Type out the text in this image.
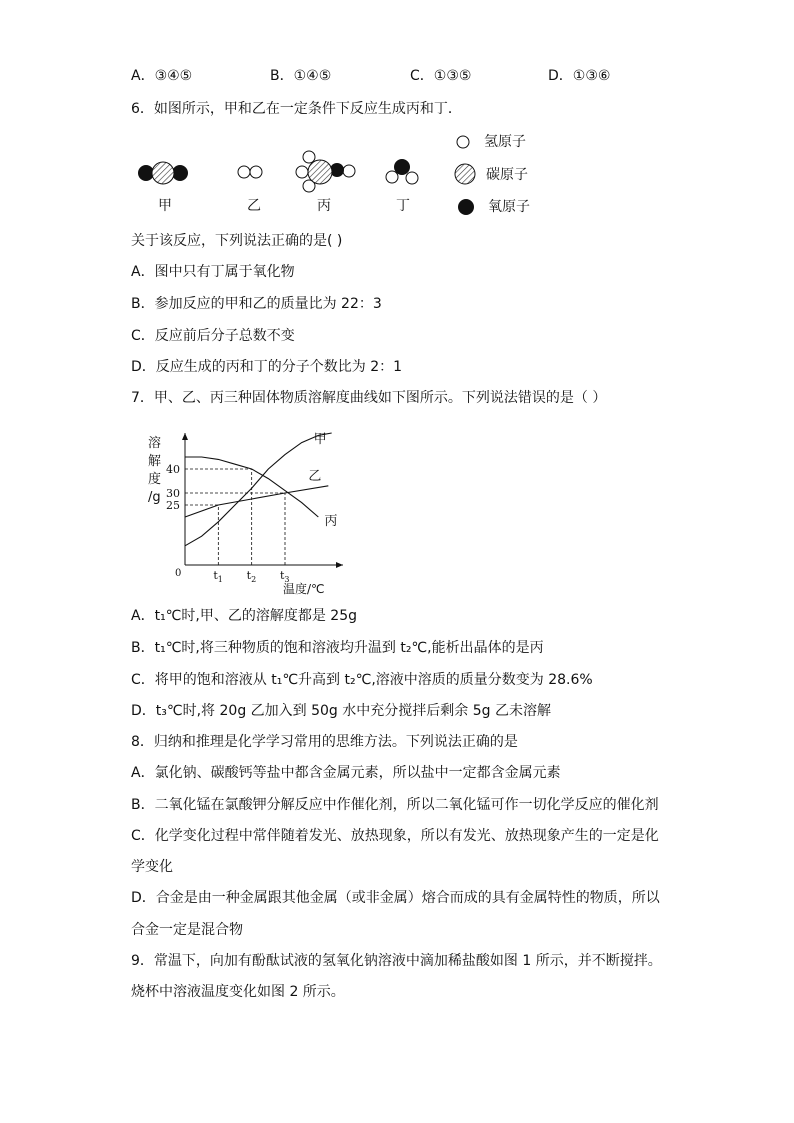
A．③④⑤	B．①④⑤	C．①③⑤	D．①③⑥
6．如图所示，甲和乙在一定条件下反应生成丙和丁．
氢原子
碳原子
氧原子
甲	乙	丙	丁
关于该反应，下列说法正确的是( )
A．图中只有丁属于氧化物
B．参加反应的甲和乙的质量比为 22：3
C．反应前后分子总数不变
D．反应生成的丙和丁的分子个数比为 2：1
7．甲、乙、丙三种固体物质溶解度曲线如下图所示。下列说法错误的是（ ）
溶
解
度
/g
0
温度/℃
甲
乙
丙
25
30
40
$t_1$ $t_2$ $t_3$
A．t₁℃时,甲、乙的溶解度都是 25g
B．t₁℃时,将三种物质的饱和溶液均升温到 t₂℃,能析出晶体的是丙
C．将甲的饱和溶液从 t₁℃升高到 t₂℃,溶液中溶质的质量分数变为 28.6%
D．t₃℃时,将 20g 乙加入到 50g 水中充分搅拌后剩余 5g 乙未溶解
8．归纳和推理是化学学习常用的思维方法。下列说法正确的是
A．氯化钠、碳酸钙等盐中都含金属元素，所以盐中一定都含金属元素
B．二氧化锰在氯酸钾分解反应中作催化剂，所以二氧化锰可作一切化学反应的催化剂
C．化学变化过程中常伴随着发光、放热现象，所以有发光、放热现象产生的一定是化
学变化
D．合金是由一种金属跟其他金属（或非金属）熔合而成的具有金属特性的物质，所以
合金一定是混合物
9．常温下，向加有酚酞试液的氢氧化钠溶液中滴加稀盐酸如图 1 所示，并不断搅拌。
烧杯中溶液温度变化如图 2 所示。
